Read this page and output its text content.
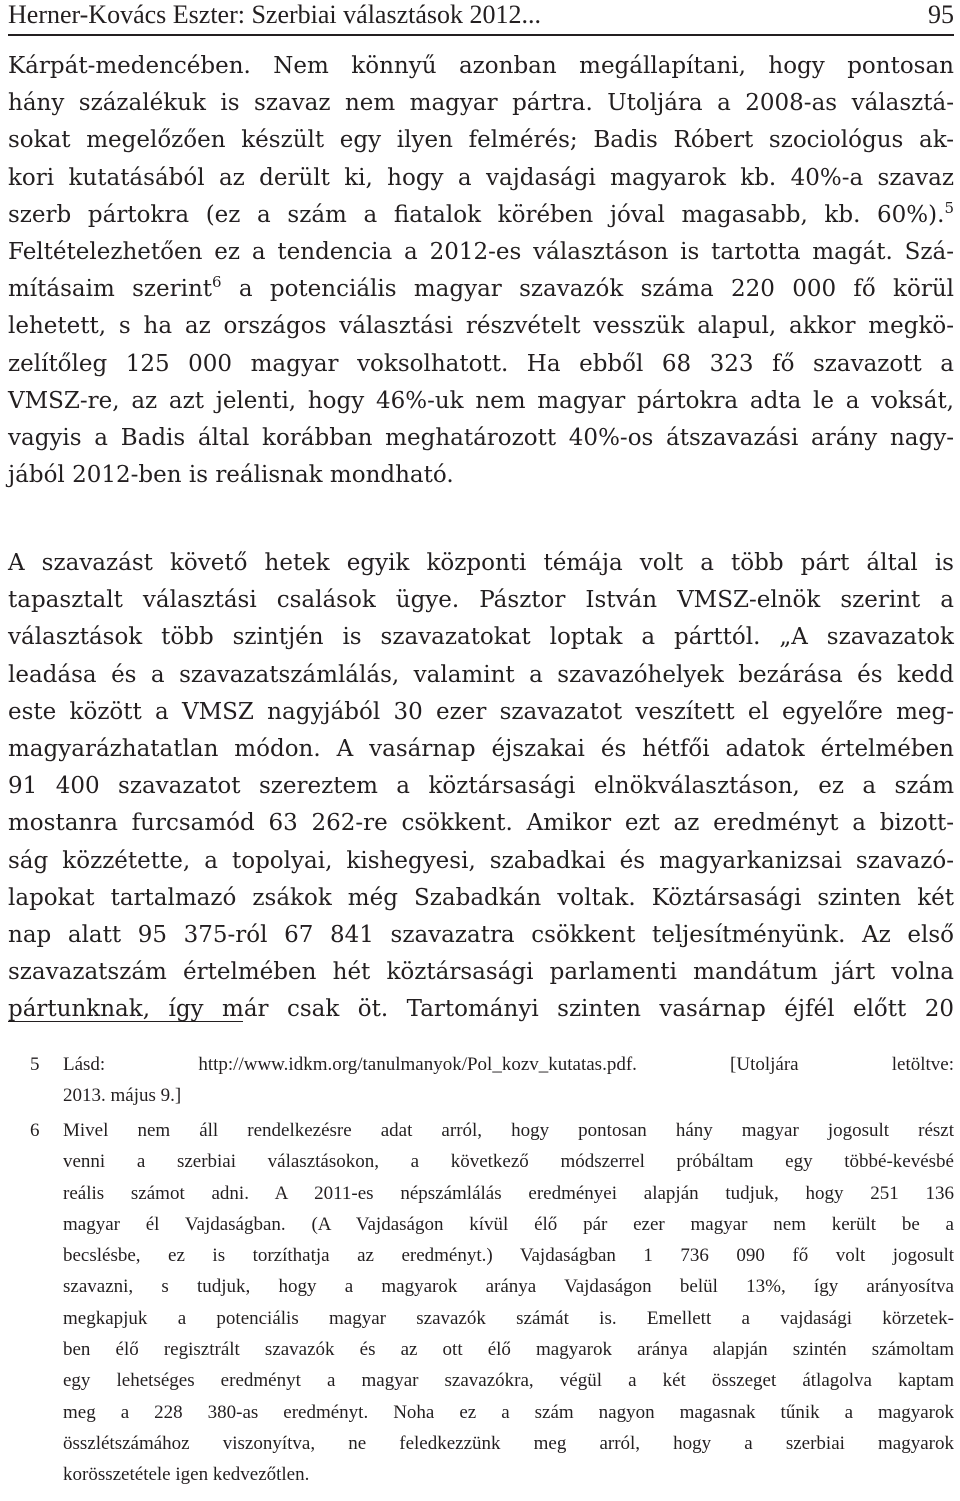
Herner-Kovács Eszter: Szerbiai választások 2012...	95
Kárpát-medencében. Nem könnyű azonban megállapítani, hogy pontosan
hány százalékuk is szavaz nem magyar pártra. Utoljára a 2008-as választá-
sokat megelőzően készült egy ilyen felmérés; Badis Róbert szociológus ak-
kori kutatásából az derült ki, hogy a vajdasági magyarok kb. 40%-a szavaz
szerb pártokra (ez a szám a fiatalok körében jóval magasabb, kb. 60%).$^5$
Feltételezhetően ez a tendencia a 2012-es választáson is tartotta magát. Szá-
mításaim szerint$^6$ a potenciális magyar szavazók száma 220 000 fő körül
lehetett, s ha az országos választási részvételt vesszük alapul, akkor megkö-
zelítőleg 125 000 magyar voksolhatott. Ha ebből 68 323 fő szavazott a
VMSZ-re, az azt jelenti, hogy 46%-uk nem magyar pártokra adta le a voksát,
vagyis a Badis által korábban meghatározott 40%-os átszavazási arány nagy-
jából 2012-ben is reálisnak mondható.
A szavazást követő hetek egyik központi témája volt a több párt által is
tapasztalt választási csalások ügye. Pásztor István VMSZ-elnök szerint a
választások több szintjén is szavazatokat loptak a párttól. „A szavazatok
leadása és a szavazatszámlálás, valamint a szavazóhelyek bezárása és kedd
este között a VMSZ nagyjából 30 ezer szavazatot veszített el egyelőre meg-
magyarázhatatlan módon. A vasárnap éjszakai és hétfői adatok értelmében
91 400 szavazatot szereztem a köztársasági elnökválasztáson, ez a szám
mostanra furcsamód 63 262-re csökkent. Amikor ezt az eredményt a bizott-
ság közzétette, a topolyai, kishegyesi, szabadkai és magyarkanizsai szavazó-
lapokat tartalmazó zsákok még Szabadkán voltak. Köztársasági szinten két
nap alatt 95 375-ról 67 841 szavazatra csökkent teljesítményünk. Az első
szavazatszám értelmében hét köztársasági parlamenti mandátum járt volna
pártunknak, így már csak öt. Tartományi szinten vasárnap éjfél előtt 20
5 Lásd: http://www.idkm.org/tanulmanyok/Pol_kozv_kutatas.pdf. [Utoljára letöltve:
2013. május 9.]
6 Mivel nem áll rendelkezésre adat arról, hogy pontosan hány magyar jogosult részt
venni a szerbiai választásokon, a következő módszerrel próbáltam egy többé-kevésbé
reális számot adni. A 2011-es népszámlálás eredményei alapján tudjuk, hogy 251 136
magyar él Vajdaságban. (A Vajdaságon kívül élő pár ezer magyar nem került be a
becslésbe, ez is torzíthatja az eredményt.) Vajdaságban 1 736 090 fő volt jogosult
szavazni, s tudjuk, hogy a magyarok aránya Vajdaságon belül 13%, így arányosítva
megkapjuk a potenciális magyar szavazók számát is. Emellett a vajdasági körzetek-
ben élő regisztrált szavazók és az ott élő magyarok aránya alapján szintén számoltam
egy lehetséges eredményt a magyar szavazókra, végül a két összeget átlagolva kaptam
meg a 228 380-as eredményt. Noha ez a szám nagyon magasnak tűnik a magyarok
összlétszámához viszonyítva, ne feledkezzünk meg arról, hogy a szerbiai magyarok
korösszetétele igen kedvezőtlen.
